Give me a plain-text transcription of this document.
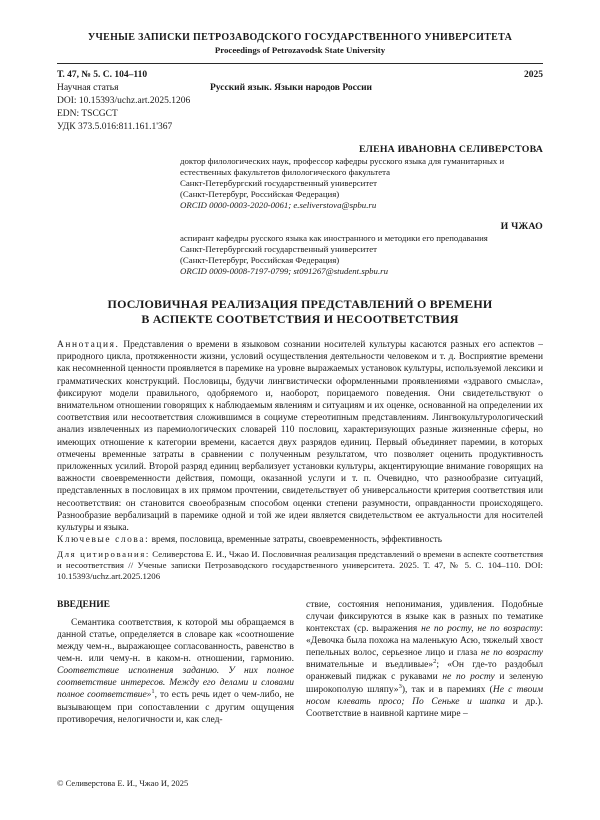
УЧЕНЫЕ ЗАПИСКИ ПЕТРОЗАВОДСКОГО ГОСУДАРСТВЕННОГО УНИВЕРСИТЕТА
Proceedings of Petrozavodsk State University
Т. 47, № 5. С. 104–110	2025
Научная статья	Русский язык. Языки народов России
DOI: 10.15393/uchz.art.2025.1206
EDN: TSCGCT
УДК 373.5.016:811.161.1'367
ЕЛЕНА ИВАНОВНА СЕЛИВЕРСТОВА
доктор филологических наук, профессор кафедры русского языка для гуманитарных и естественных факультетов филологического факультета
Санкт-Петербургский государственный университет
(Санкт-Петербург, Российская Федерация)
ORCID 0000-0003-2020-0061; e.seliverstova@spbu.ru
И ЧЖАО
аспирант кафедры русского языка как иностранного и методики его преподавания
Санкт-Петербургский государственный университет
(Санкт-Петербург, Российская Федерация)
ORCID 0009-0008-7197-0799; st091267@student.spbu.ru
ПОСЛОВИЧНАЯ РЕАЛИЗАЦИЯ ПРЕДСТАВЛЕНИЙ О ВРЕМЕНИ
В АСПЕКТЕ СООТВЕТСТВИЯ И НЕСООТВЕТСТВИЯ

Аннотация. Представления о времени в языковом сознании носителей культуры касаются разных его аспектов – природного цикла, протяженности жизни, условий осуществления деятельности человеком и т. д. Восприятие времени как несомненной ценности проявляется в паремике на уровне выражаемых установок культуры, используемой лексики и грамматических конструкций. Пословицы, будучи лингвистически оформленными проявлениями «здравого смысла», фиксируют модели правильного, одобряемого и, наоборот, порицаемого поведения. Они свидетельствуют о внимательном отношении говорящих к наблюдаемым явлениям и ситуациям и их оценке, основанной на определении их соответствия или несоответствия сложившимся в социуме стереотипным представлениям. Лингвокультурологический анализ извлеченных из паремиологических словарей 110 пословиц, характеризующих разные жизненные сферы, но имеющих отношение к категории времени, касается двух разрядов единиц. Первый объединяет паремии, в которых отмечены временные затраты в сравнении с полученным результатом, что позволяет оценить продуктивность приложенных усилий. Второй разряд единиц вербализует установки культуры, акцентирующие внимание говорящих на важности своевременности действия, помощи, оказанной услуги и т. п. Очевидно, что разнообразие ситуаций, представленных в пословицах в их прямом прочтении, свидетельствует об универсальности критерия соответствия или несоответствия: он становится своеобразным способом оценки степени разумности, оправданности происходящего. Разнообразие вербализаций в паремике одной и той же идеи является свидетельством ее актуальности для носителей культуры и языка.

Ключевые слова: время, пословица, временные затраты, своевременность, эффективность

Для цитирования: Селиверстова Е. И., Чжао И. Пословичная реализация представлений о времени в аспекте соответствия и несоответствия // Ученые записки Петрозаводского государственного университета. 2025. Т. 47, № 5. С. 104–110. DOI: 10.15393/uchz.art.2025.1206

ВВЕДЕНИЕ

Семантика соответствия, к которой мы обращаемся в данной статье, определяется в словаре как «соотношение между чем-н., выражающее согласованность, равенство в чем-н. или чему-н. в каком-н. отношении, гармонию. Соответствие исполнения заданию. У них полное соответствие интересов. Между его делами и словами полное соответствие»$^1$, то есть речь идет о чем-либо, не вызывающем при сопоставлении с другим ощущения противоречия, нелогичности и, как след-

ствие, состояния непонимания, удивления. Подобные случаи фиксируются в языке как в разных по тематике контекстах (ср. выражения не по росту, не по возрасту: «Девочка была похожа на маленькую Асю, тяжелый хвост пепельных волос, серьезное лицо и глаза не по возрасту внимательные и въедливые»$^2$; «Он где-то раздобыл оранжевый пиджак с рукавами не по росту и зеленую широкополую шляпу»$^3$), так и в паремиях (Не с твоим носом клевать просо; По Сеньке и шапка и др.). Соответствие в наивной картине мире –

© Селиверстова Е. И., Чжао И, 2025
